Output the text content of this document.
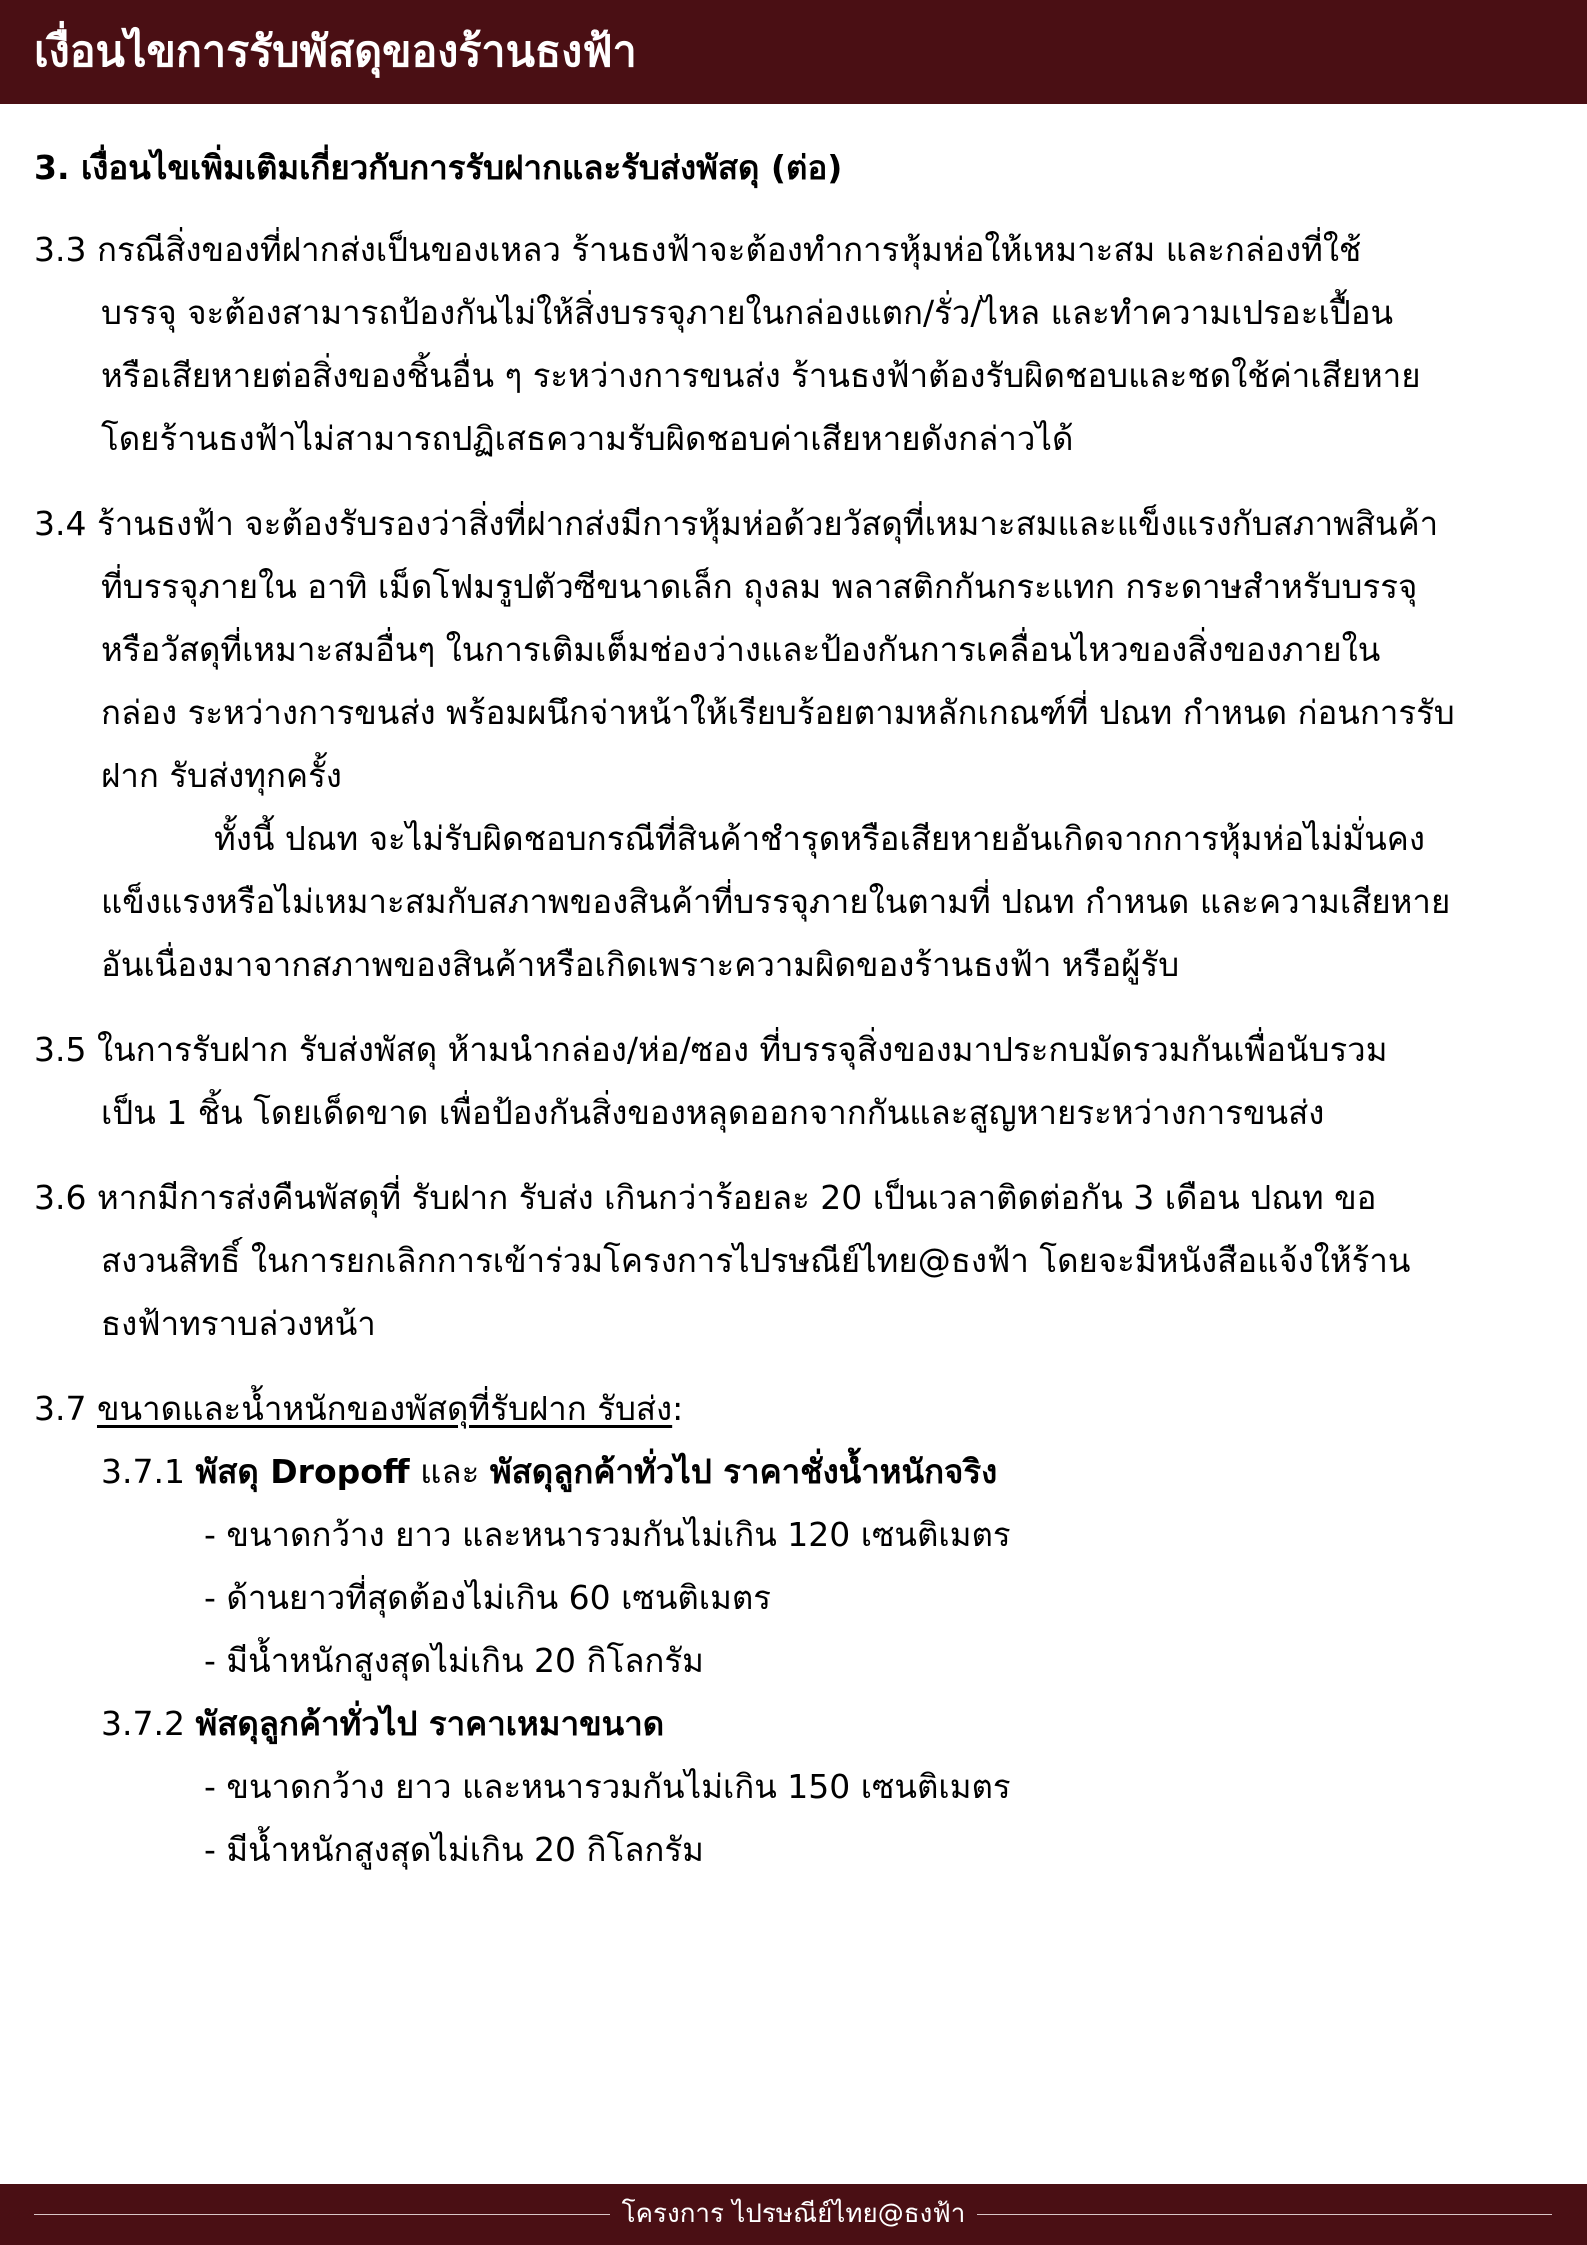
เงื่อนไขการรับพัสดุของร้านธงฟ้า
3. เงื่อนไขเพิ่มเติมเกี่ยวกับการรับฝากและรับส่งพัสดุ (ต่อ)
3.3 กรณีสิ่งของที่ฝากส่งเป็นของเหลว ร้านธงฟ้าจะต้องทำการหุ้มห่อให้เหมาะสม และกล่องที่ใช้
บรรจุ จะต้องสามารถป้องกันไม่ให้สิ่งบรรจุภายในกล่องแตก/รั่ว/ไหล และทำความเปรอะเปื้อน
หรือเสียหายต่อสิ่งของชิ้นอื่น ๆ ระหว่างการขนส่ง ร้านธงฟ้าต้องรับผิดชอบและชดใช้ค่าเสียหาย
โดยร้านธงฟ้าไม่สามารถปฏิเสธความรับผิดชอบค่าเสียหายดังกล่าวได้
3.4 ร้านธงฟ้า จะต้องรับรองว่าสิ่งที่ฝากส่งมีการหุ้มห่อด้วยวัสดุที่เหมาะสมและแข็งแรงกับสภาพสินค้า
ที่บรรจุภายใน อาทิ เม็ดโฟมรูปตัวซีขนาดเล็ก ถุงลม พลาสติกกันกระแทก กระดาษสำหรับบรรจุ
หรือวัสดุที่เหมาะสมอื่นๆ ในการเติมเต็มช่องว่างและป้องกันการเคลื่อนไหวของสิ่งของภายใน
กล่อง ระหว่างการขนส่ง พร้อมผนึกจ่าหน้าให้เรียบร้อยตามหลักเกณฑ์ที่ ปณท กำหนด ก่อนการรับ
ฝาก รับส่งทุกครั้ง
ทั้งนี้ ปณท จะไม่รับผิดชอบกรณีที่สินค้าชำรุดหรือเสียหายอันเกิดจากการหุ้มห่อไม่มั่นคง
แข็งแรงหรือไม่เหมาะสมกับสภาพของสินค้าที่บรรจุภายในตามที่ ปณท กำหนด และความเสียหาย
อันเนื่องมาจากสภาพของสินค้าหรือเกิดเพราะความผิดของร้านธงฟ้า หรือผู้รับ
3.5 ในการรับฝาก รับส่งพัสดุ ห้ามนำกล่อง/ห่อ/ซอง ที่บรรจุสิ่งของมาประกบมัดรวมกันเพื่อนับรวม
เป็น 1 ชิ้น โดยเด็ดขาด เพื่อป้องกันสิ่งของหลุดออกจากกันและสูญหายระหว่างการขนส่ง
3.6 หากมีการส่งคืนพัสดุที่ รับฝาก รับส่ง เกินกว่าร้อยละ 20 เป็นเวลาติดต่อกัน 3 เดือน ปณท ขอ
สงวนสิทธิ์ ในการยกเลิกการเข้าร่วมโครงการไปรษณีย์ไทย@ธงฟ้า โดยจะมีหนังสือแจ้งให้ร้าน
ธงฟ้าทราบล่วงหน้า
3.7 ขนาดและน้ำหนักของพัสดุที่รับฝาก รับส่ง:
3.7.1 พัสดุ Dropoff และ พัสดุลูกค้าทั่วไป ราคาชั่งน้ำหนักจริง
- ขนาดกว้าง ยาว และหนารวมกันไม่เกิน 120 เซนติเมตร
- ด้านยาวที่สุดต้องไม่เกิน 60 เซนติเมตร
- มีน้ำหนักสูงสุดไม่เกิน 20 กิโลกรัม
3.7.2 พัสดุลูกค้าทั่วไป ราคาเหมาขนาด
- ขนาดกว้าง ยาว และหนารวมกันไม่เกิน 150 เซนติเมตร
- มีน้ำหนักสูงสุดไม่เกิน 20 กิโลกรัม
โครงการ ไปรษณีย์ไทย@ธงฟ้า
